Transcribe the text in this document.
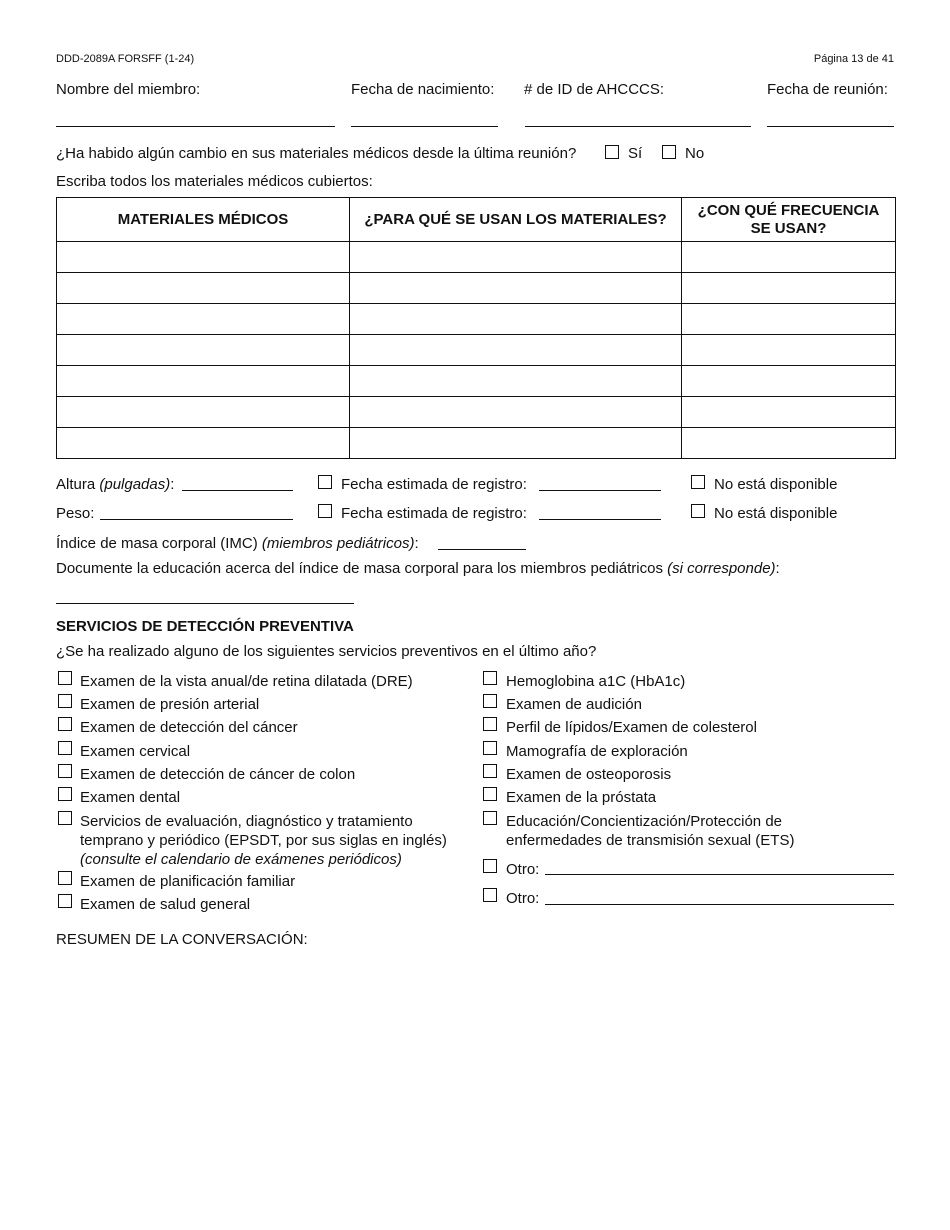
DDD-2089A FORSFF (1-24)	Página 13 de 41
Nombre del miembro:	Fecha de nacimiento: # de ID de AHCCCS:	Fecha de reunión:
¿Ha habido algún cambio en sus materiales médicos desde la última reunión?	Sí	No
Escriba todos los materiales médicos cubiertos:
MATERIALES MÉDICOS	¿PARA QUÉ SE USAN LOS MATERIALES?	¿CON QUÉ FRECUENCIA
SE USAN?

Altura (pulgadas):	Fecha estimada de registro:	No está disponible
Peso:	Fecha estimada de registro:	No está disponible
Índice de masa corporal (IMC) (miembros pediátricos):
Documente la educación acerca del índice de masa corporal para los miembros pediátricos (si corresponde):
SERVICIOS DE DETECCIÓN PREVENTIVA
¿Se ha realizado alguno de los siguientes servicios preventivos en el último año?
Examen de la vista anual/de retina dilatada (DRE)
Examen de presión arterial
Examen de detección del cáncer
Examen cervical
Examen de detección de cáncer de colon
Examen dental
Servicios de evaluación, diagnóstico y tratamiento
temprano y periódico (EPSDT, por sus siglas en inglés)
(consulte el calendario de exámenes periódicos)
Examen de planificación familiar
Examen de salud general
Hemoglobina a1C (HbA1c)
Examen de audición
Perfil de lípidos/Examen de colesterol
Mamografía de exploración
Examen de osteoporosis
Examen de la próstata
Educación/Concientización/Protección de
enfermedades de transmisión sexual (ETS)
Otro:
Otro:
RESUMEN DE LA CONVERSACIÓN:
